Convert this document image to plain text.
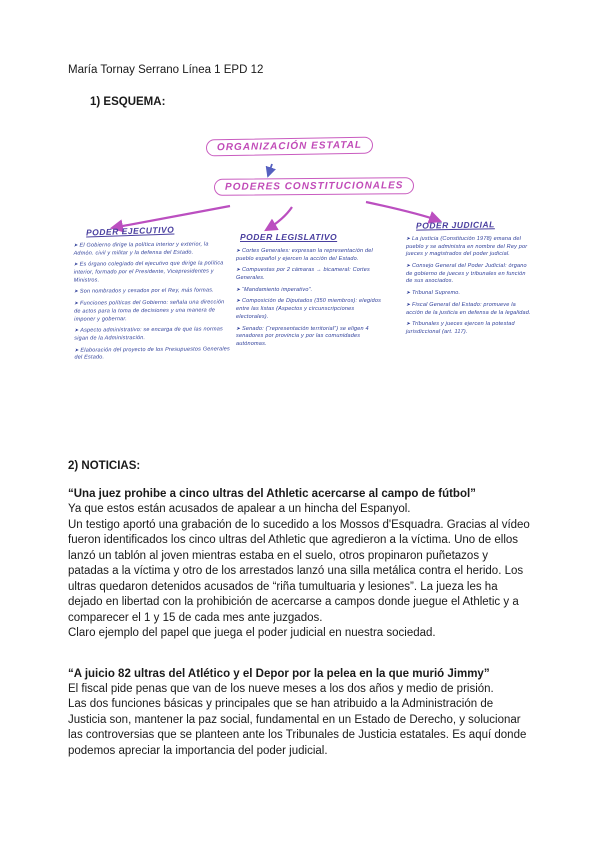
María Tornay Serrano Línea 1 EPD 12
1) ESQUEMA:
ORGANIZACIÓN ESTATAL
PODERES CONSTITUCIONALES
PODER EJECUTIVO	PODER LEGISLATIVO
PODER JUDICIAL
➤ El Gobierno dirige la política interior y exterior, la Admón. civil y militar y la defensa del Estado.
➤ Es órgano colegiado del ejecutivo que dirige la política interior, formado por el Presidente, Vicepresidentes y Ministros.
➤ Son nombrados y cesados por el Rey, más formas.
➤ Funciones políticas del Gobierno: señala una dirección de actos para la toma de decisiones y una manera de imponer y gobernar.
➤ Aspecto administrativo: se encarga de que las normas sigan de la Administración.
➤ Elaboración del proyecto de los Presupuestos Generales del Estado.
➤ Cortes Generales: expresan la representación del pueblo español y ejercen la acción del Estado.
➤ Compuestas por 2 cámaras → bicameral: Cortes Generales.
➤ “Mandamiento imperativo”.
➤ Composición de Diputados (350 miembros): elegidos entre las listas (Aspectos y circunscripciones electorales).
➤ Senado: (“representación territorial”) se eligen 4 senadores por provincia y por las comunidades autónomas.
➤ La justicia (Constitución 1978) emana del pueblo y se administra en nombre del Rey por jueces y magistrados del poder judicial.
➤ Consejo General del Poder Judicial: órgano de gobierno de jueces y tribunales en función de sus asociados.
➤ Tribunal Supremo.
➤ Fiscal General del Estado: promueve la acción de la justicia en defensa de la legalidad.
➤ Tribunales y jueces ejercen la potestad jurisdiccional (art. 117).
2) NOTICIAS:

“Una juez prohibe a cinco ultras del Athletic acercarse al campo de fútbol”

Ya que estos están acusados de apalear a un hincha del Espanyol.

Un testigo aportó una grabación de lo sucedido a los Mossos d'Esquadra. Gracias al vídeo fueron identificados los cinco ultras del Athletic que agredieron a la víctima. Uno de ellos lanzó un tablón al joven mientras estaba en el suelo, otros propinaron puñetazos y patadas a la víctima y otro de los arrestados lanzó una silla metálica contra el herido. Los ultras quedaron detenidos acusados de “riña tumultuaria y lesiones”. La jueza les ha dejado en libertad con la prohibición de acercarse a campos donde juegue el Athletic y a comparecer el 1 y 15 de cada mes ante juzgados.

Claro ejemplo del papel que juega el poder judicial en nuestra sociedad.

“A juicio 82 ultras del Atlético y el Depor por la pelea en la que murió Jimmy”

El fiscal pide penas que van de los nueve meses a los dos años y medio de prisión.

Las dos funciones básicas y principales que se han atribuido a la Administración de Justicia son, mantener la paz social, fundamental en un Estado de Derecho, y solucionar las controversias que se planteen ante los Tribunales de Justicia estatales. Es aquí donde podemos apreciar la importancia del poder judicial.
